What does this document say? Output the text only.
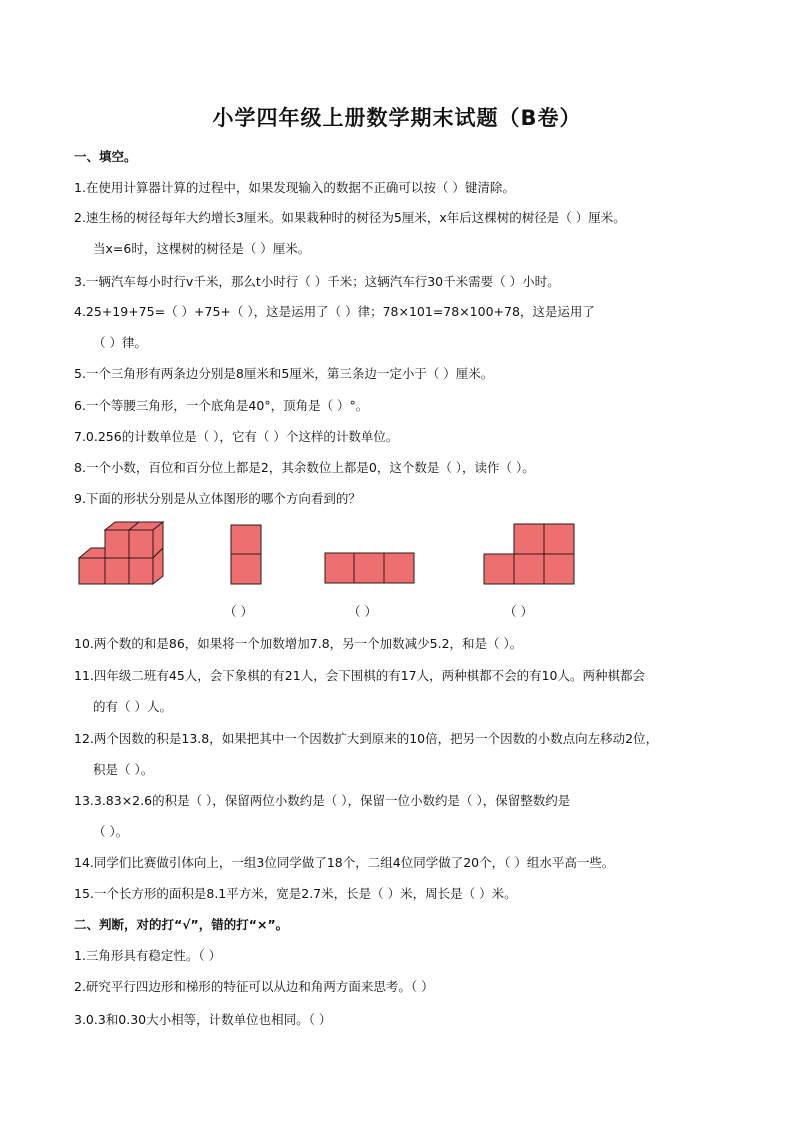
小学四年级上册数学期末试题（B卷）
一、填空。
1.在使用计算器计算的过程中，如果发现输入的数据不正确可以按（ ）键清除。
2.速生杨的树径每年大约增长3厘米。如果栽种时的树径为5厘米，x年后这棵树的树径是（ ）厘米。
当x=6时，这棵树的树径是（ ）厘米。
3.一辆汽车每小时行v千米，那么t小时行（ ）千米；这辆汽车行30千米需要（ ）小时。
4.25+19+75=（ ）+75+（ ），这是运用了（ ）律；78×101=78×100+78，这是运用了
（ ）律。
5.一个三角形有两条边分别是8厘米和5厘米，第三条边一定小于（ ）厘米。
6.一个等腰三角形，一个底角是40°，顶角是（ ）°。
7.0.256的计数单位是（ ），它有（ ）个这样的计数单位。
8.一个小数，百位和百分位上都是2，其余数位上都是0，这个数是（ ），读作（ ）。
9.下面的形状分别是从立体图形的哪个方向看到的？
（ ）	（ ）	（ ）
10.两个数的和是86，如果将一个加数增加7.8，另一个加数减少5.2，和是（ ）。
11.四年级二班有45人，会下象棋的有21人，会下围棋的有17人，两种棋都不会的有10人。两种棋都会
的有（ ）人。
12.两个因数的积是13.8，如果把其中一个因数扩大到原来的10倍，把另一个因数的小数点向左移动2位，
积是（ ）。
13.3.83×2.6的积是（ ），保留两位小数约是（ ），保留一位小数约是（ ），保留整数约是
（ ）。
14.同学们比赛做引体向上，一组3位同学做了18个，二组4位同学做了20个，（ ）组水平高一些。
15.一个长方形的面积是8.1平方米，宽是2.7米，长是（ ）米，周长是（ ）米。
二、判断，对的打“√”，错的打“×”。
1.三角形具有稳定性。（ ）
2.研究平行四边形和梯形的特征可以从边和角两方面来思考。（ ）
3.0.3和0.30大小相等，计数单位也相同。（ ）
